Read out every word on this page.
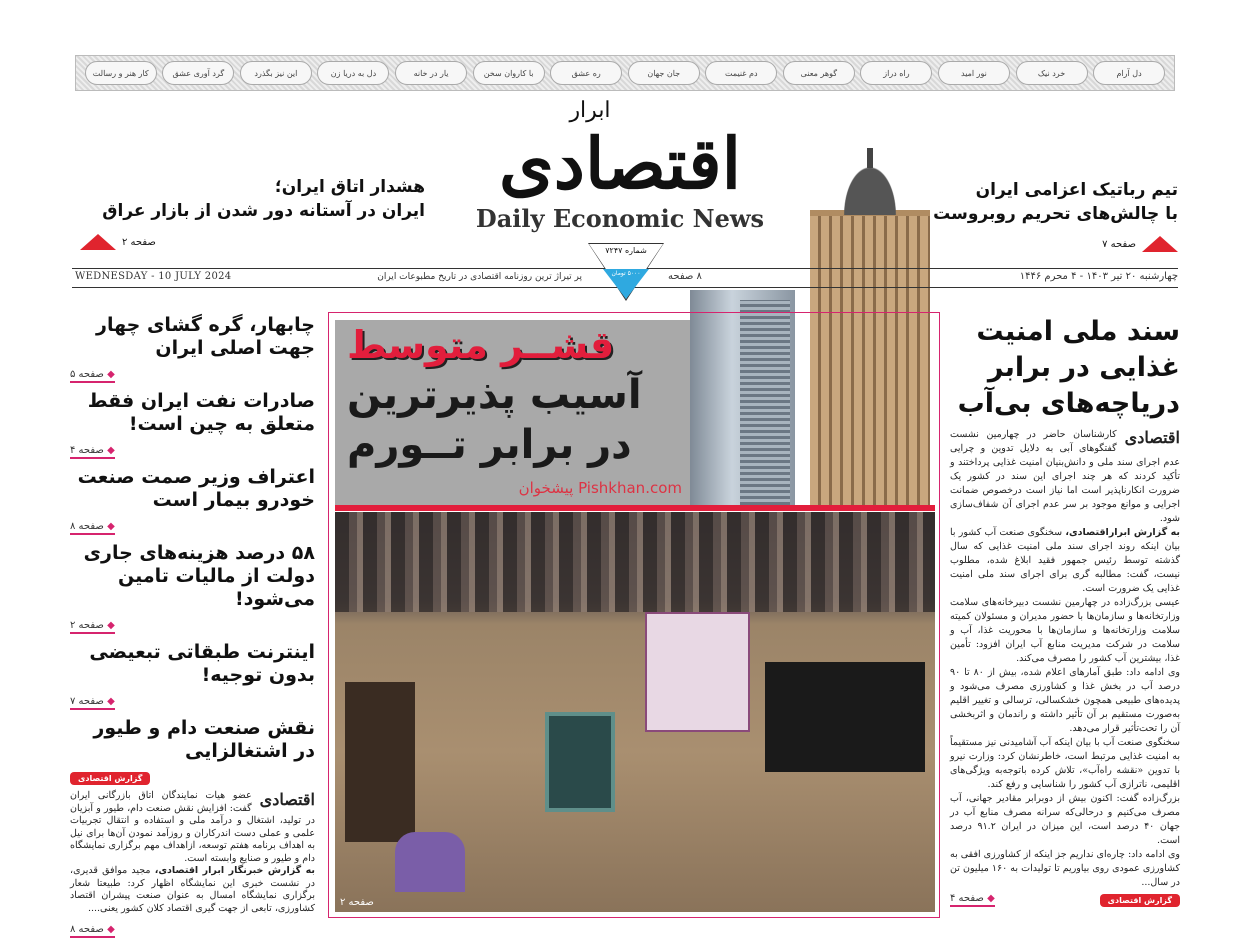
کار هنر و رسالت	گرد آوری عشق	این نیز بگذرد	دل به دریا زن	یار در خانه	با کاروان سخن	ره عشق	جان جهان	دم غنیمت	گوهر معنی	راه دراز	نور امید	خرد نیک	دل آرام
ابرار
اقتصادی
Daily Economic News
تیم رباتیک اعزامی ایران
با چالش‌های تحریم روبروست
صفحه ۷
هشدار اتاق ایران؛
ایران در آستانه دور شدن از بازار عراق
صفحه ۲
WEDNESDAY - 10 JULY 2024	چهارشنبه ۲۰ تیر ۱۴۰۳ - ۴ محرم ۱۴۴۶
پر تیراژ ترین روزنامه اقتصادی در تاریخ مطبوعات ایران	۸ صفحه
شماره ۷۲۴۷
۵۰۰۰ تومان
قشــر متوسط
آسیب پذیرترین
در برابر تــورم
پیشخوان Pishkhan.com
صفحه ۲
چابهار، گره گشای چهار جهت اصلی ایران
◆ صفحه ۵
صادرات نفت ایران فقط متعلق به چین است!
◆ صفحه ۴
اعتراف وزیر صمت صنعت خودرو بیمار است
◆ صفحه ۸
۵۸ درصد هزینه‌های جاری دولت از مالیات تامین می‌شود!
◆ صفحه ۲
اینترنت طبقاتی تبعیضی بدون توجیه!
◆ صفحه ۷
نقش صنعت دام و طیور در اشتغالزایی
گزارش اقتصادی
اقتصادی
عضو هیات نمایندگان اتاق بازرگانی ایران گفت: افزایش نقش صنعت دام، طیور و آبزیان در تولید، اشتغال و درآمد ملی و استفاده و انتقال تجربیات علمی و عملی دست اندرکاران و روزآمد نمودن آن‌ها برای نیل به اهداف برنامه هفتم توسعه، ازاهداف مهم برگزاری نمایشگاه دام و طیور و صنایع وابسته است.
به گزارش خبرنگار ابرار اقتصادی، مجید موافق قدیری، در نشست خبری این نمایشگاه اظهار کرد: طبیعتا شعار برگزاری نمایشگاه امسال به عنوان صنعت پیشران اقتصاد کشاورزی، تابعی از جهت گیری اقتصاد کلان کشور یعنی....
◆ صفحه ۸
سند ملی امنیت غذایی در برابر دریاچه‌های بی‌آب
اقتصادی
کارشناسان حاضر در چهارمین نشست گفتگوهای آبی به دلایل تدوین و چرایی عدم اجرای سند ملی و دانش‌بنیان امنیت غذایی پرداختند و تأکید کردند که هر چند اجرای این سند در کشور یک ضرورت انکارناپذیر است اما نیاز است درخصوص ضمانت اجرایی و موانع موجود بر سر عدم اجرای آن شفاف‌سازی شود.
به گزارش ابراراقتصادی، سخنگوی صنعت آب کشور با بیان اینکه روند اجرای سند ملی امنیت غذایی که سال گذشته توسط رئیس جمهور فقید ابلاغ شده، مطلوب نیست، گفت: مطالبه گری برای اجرای سند ملی امنیت غذایی یک ضرورت است.
عیسی بزرگ‌زاده در چهارمین نشست دبیرخانه‌های سلامت وزارتخانه‌ها و سازمان‌ها با حضور مدیران و مسئولان کمیته سلامت وزارتخانه‌ها و سازمان‌ها با محوریت غذا، آب و سلامت در شرکت مدیریت منابع آب ایران افزود: تأمین غذا، بیشترین آب کشور را مصرف می‌کند.
وی ادامه داد: طبق آمارهای اعلام شده، بیش از ۸۰ تا ۹۰ درصد آب در بخش غذا و کشاورزی مصرف می‌شود و پدیده‌های طبیعی همچون خشکسالی، ترسالی و تغییر اقلیم به‌صورت مستقیم بر آن تأثیر داشته و راندمان و اثربخشی آن را تحت‌تأثیر قرار می‌دهد.
سخنگوی صنعت آب با بیان اینکه آب آشامیدنی نیز مستقیماً به امنیت غذایی مرتبط است، خاطرنشان کرد: وزارت نیرو با تدوین «نقشه راه‌آب»، تلاش کرده باتوجه‌به ویژگی‌های اقلیمی، ناترازی آب کشور را شناسایی و رفع کند.
بزرگ‌زاده گفت: اکنون بیش از دوبرابر مقادیر جهانی، آب مصرف می‌کنیم و درحالی‌که سرانه مصرف منابع آب در جهان ۴۰ درصد است، این میزان در ایران ۹۱.۲ درصد است.
وی ادامه داد: چاره‌ای نداریم جز اینکه از کشاورزی افقی به کشاورزی عمودی روی بیاوریم تا تولیدات به ۱۶۰ میلیون تن در سال...
◆ صفحه ۴	گزارش اقتصادی
